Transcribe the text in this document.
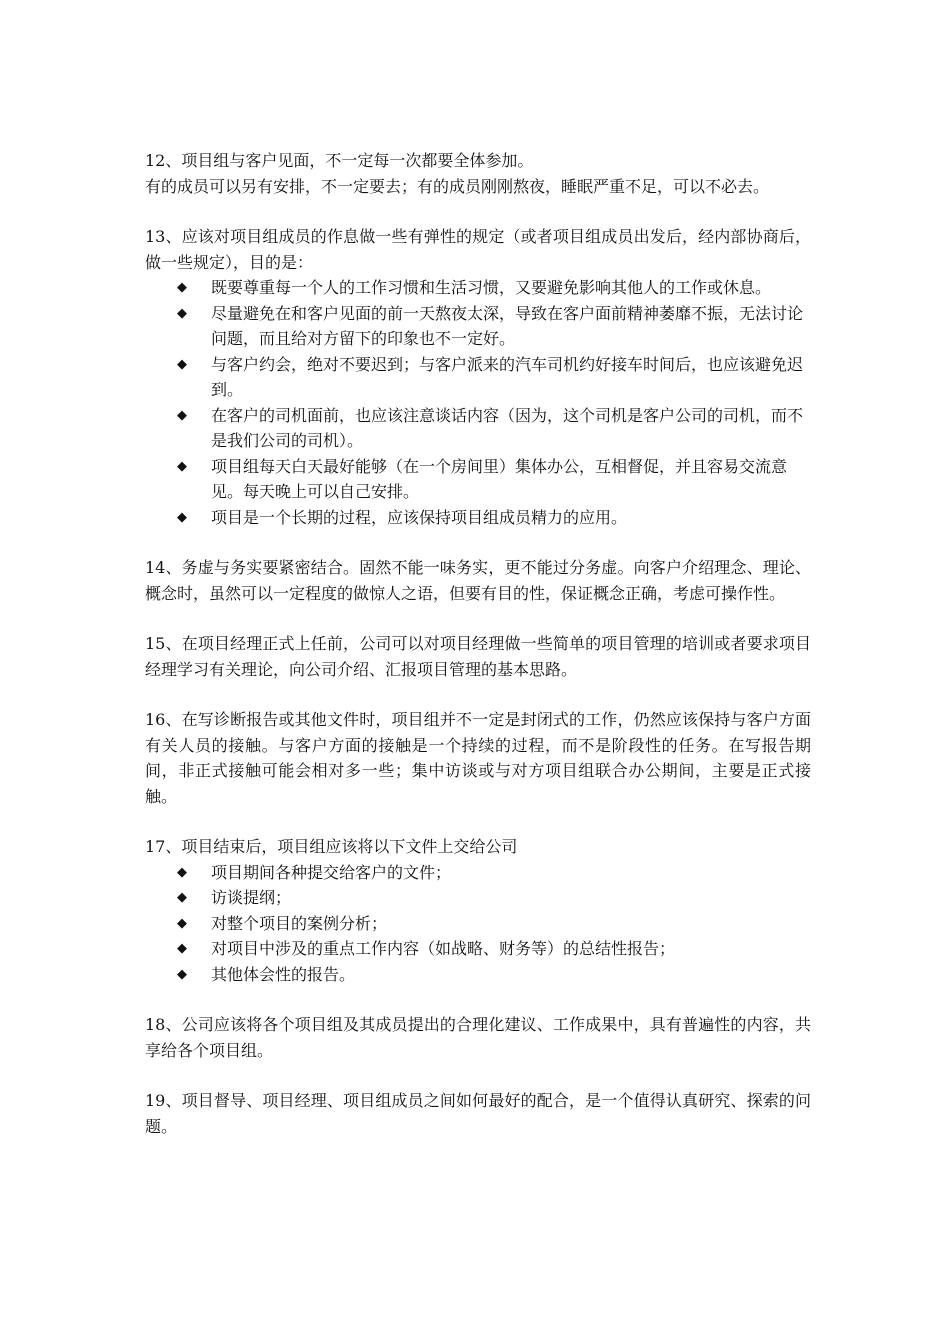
12、项目组与客户见面，不一定每一次都要全体参加。

有的成员可以另有安排，不一定要去；有的成员刚刚熬夜，睡眠严重不足，可以不必去。

13、应该对项目组成员的作息做一些有弹性的规定（或者项目组成员出发后，经内部协商后，做一些规定），目的是：

◆ 既要尊重每一个人的工作习惯和生活习惯，又要避免影响其他人的工作或休息。
◆ 尽量避免在和客户见面的前一天熬夜太深，导致在客户面前精神萎靡不振，无法讨论问题，而且给对方留下的印象也不一定好。
◆ 与客户约会，绝对不要迟到；与客户派来的汽车司机约好接车时间后，也应该避免迟到。
◆ 在客户的司机面前，也应该注意谈话内容（因为，这个司机是客户公司的司机，而不是我们公司的司机）。
◆ 项目组每天白天最好能够（在一个房间里）集体办公，互相督促，并且容易交流意见。每天晚上可以自己安排。
◆ 项目是一个长期的过程，应该保持项目组成员精力的应用。

14、务虚与务实要紧密结合。固然不能一味务实，更不能过分务虚。向客户介绍理念、理论、概念时，虽然可以一定程度的做惊人之语，但要有目的性，保证概念正确，考虑可操作性。

15、在项目经理正式上任前，公司可以对项目经理做一些简单的项目管理的培训或者要求项目经理学习有关理论，向公司介绍、汇报项目管理的基本思路。

16、在写诊断报告或其他文件时，项目组并不一定是封闭式的工作，仍然应该保持与客户方面有关人员的接触。与客户方面的接触是一个持续的过程，而不是阶段性的任务。在写报告期间，非正式接触可能会相对多一些；集中访谈或与对方项目组联合办公期间，主要是正式接触。

17、项目结束后，项目组应该将以下文件上交给公司

◆ 项目期间各种提交给客户的文件；
◆ 访谈提纲；
◆ 对整个项目的案例分析；
◆ 对项目中涉及的重点工作内容（如战略、财务等）的总结性报告；
◆ 其他体会性的报告。

18、公司应该将各个项目组及其成员提出的合理化建议、工作成果中，具有普遍性的内容，共享给各个项目组。

19、项目督导、项目经理、项目组成员之间如何最好的配合，是一个值得认真研究、探索的问题。
